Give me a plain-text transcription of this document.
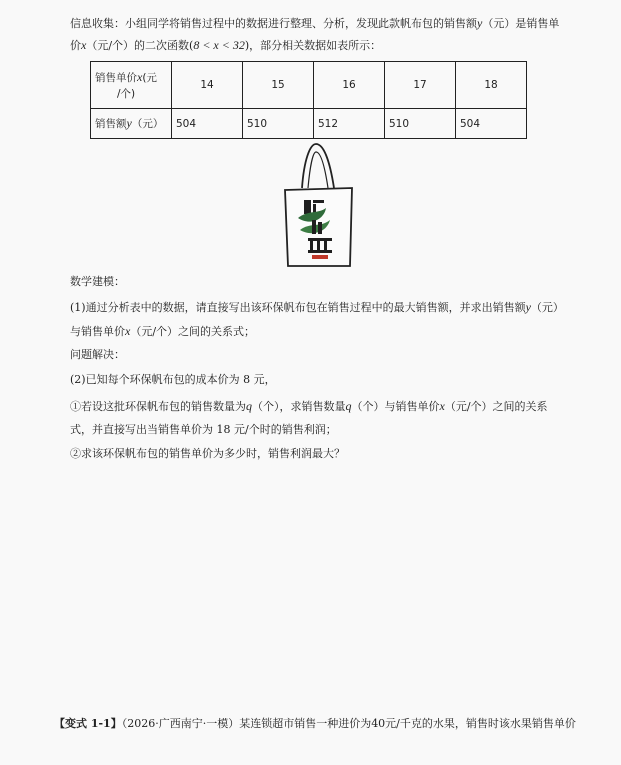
信息收集：小组同学将销售过程中的数据进行整理、分析，发现此款帆布包的销售额y（元）是销售单
价x（元/个）的二次函数(8 < x < 32)，部分相关数据如表所示：
销售单价x(元
/个)	14	15	16	17	18
销售额y（元）	504	510	512	510	504
数学建模：
(1)通过分析表中的数据，请直接写出该环保帆布包在销售过程中的最大销售额，并求出销售额y（元）
与销售单价x（元/个）之间的关系式；
问题解决：
(2)已知每个环保帆布包的成本价为 8 元，
①若设这批环保帆布包的销售数量为q（个），求销售数量q（个）与销售单价x（元/个）之间的关系
式，并直接写出当销售单价为 18 元/个时的销售利润；
②求该环保帆布包的销售单价为多少时，销售利润最大？
【变式 1-1】（2026·广西南宁·一模）某连锁超市销售一种进价为40元/千克的水果，销售时该水果销售单价
